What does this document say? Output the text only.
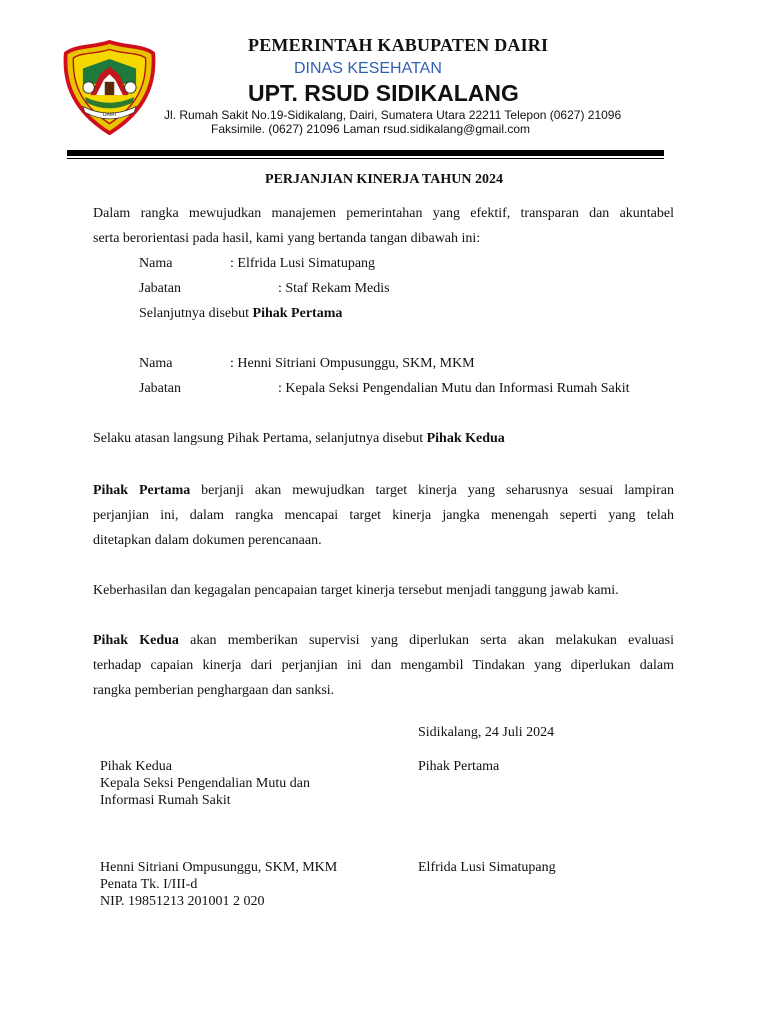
DAIRI
PEMERINTAH KABUPATEN DAIRI
DINAS KESEHATAN
UPT. RSUD SIDIKALANG
Jl. Rumah Sakit No.19-Sidikalang, Dairi, Sumatera Utara 22211 Telepon (0627) 21096
Faksimile. (0627) 21096 Laman rsud.sidikalang@gmail.com
PERJANJIAN KINERJA TAHUN 2024
Dalam rangka mewujudkan manajemen pemerintahan yang efektif, transparan dan akuntabel
serta berorientasi pada hasil, kami yang bertanda tangan dibawah ini:
Nama	: Elfrida Lusi Simatupang
Jabatan	: Staf Rekam Medis
Selanjutnya disebut Pihak Pertama
Nama	: Henni Sitriani Ompusunggu, SKM, MKM
Jabatan	: Kepala Seksi Pengendalian Mutu dan Informasi Rumah Sakit
Selaku atasan langsung Pihak Pertama, selanjutnya disebut Pihak Kedua
Pihak Pertama berjanji akan mewujudkan target kinerja yang seharusnya sesuai lampiran
perjanjian ini, dalam rangka mencapai target kinerja jangka menengah seperti yang telah
ditetapkan dalam dokumen perencanaan.
Keberhasilan dan kegagalan pencapaian target kinerja tersebut menjadi tanggung jawab kami.
Pihak Kedua akan memberikan supervisi yang diperlukan serta akan melakukan evaluasi
terhadap capaian kinerja dari perjanjian ini dan mengambil Tindakan yang diperlukan dalam
rangka pemberian penghargaan dan sanksi.
Sidikalang, 24 Juli 2024
Pihak Kedua
Kepala Seksi Pengendalian Mutu dan
Informasi Rumah Sakit
Pihak Pertama
Henni Sitriani Ompusunggu, SKM, MKM
Penata Tk. I/III-d
NIP. 19851213 201001 2 020
Elfrida Lusi Simatupang
